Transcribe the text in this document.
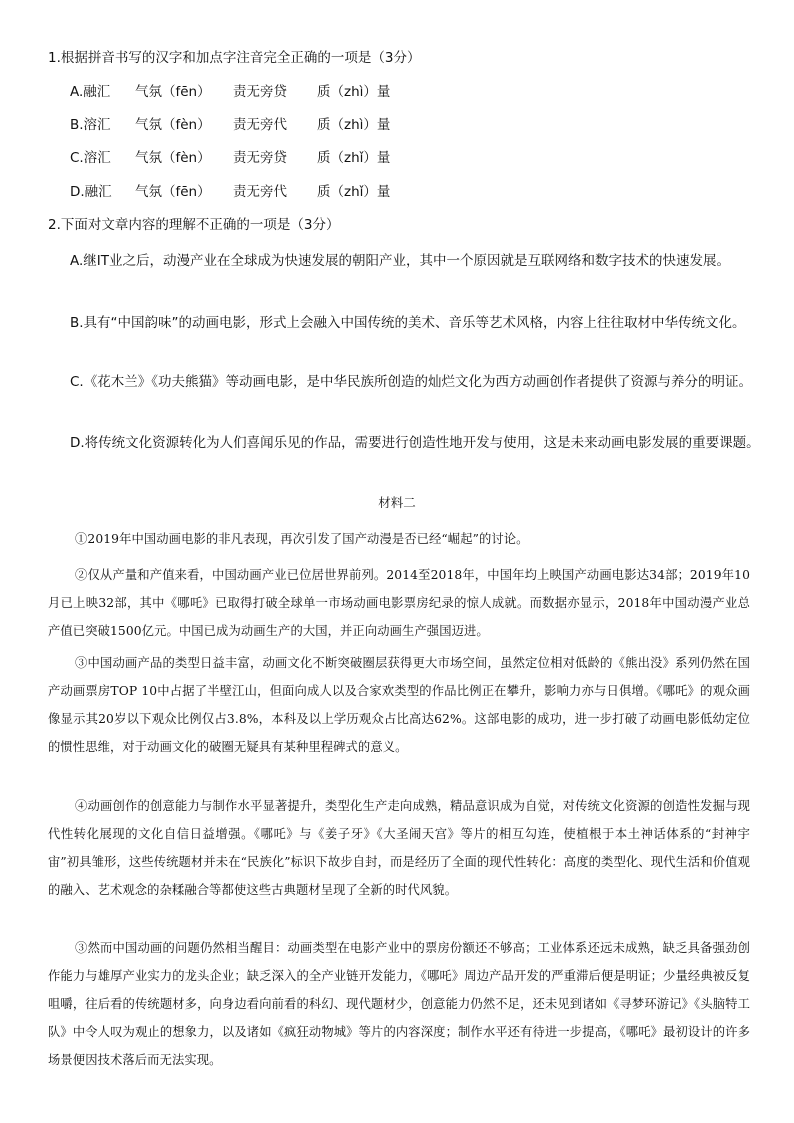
1.根据拼音书写的汉字和加点字注音完全正确的一项是（3分）
A.融汇 气氛（fēn） 责无旁贷 质（zhì）量
B.溶汇 气氛（fèn） 责无旁代 质（zhì）量
C.溶汇 气氛（fèn） 责无旁贷 质（zhǐ）量
D.融汇 气氛（fēn） 责无旁代 质（zhǐ）量
2.下面对文章内容的理解不正确的一项是（3分）
A.继IT业之后，动漫产业在全球成为快速发展的朝阳产业，其中一个原因就是互联网络和数字技术的快速发展。
B.具有“中国韵味”的动画电影，形式上会融入中国传统的美术、音乐等艺术风格，内容上往往取材中华传统文化。
C.《花木兰》《功夫熊猫》等动画电影，是中华民族所创造的灿烂文化为西方动画创作者提供了资源与养分的明证。
D.将传统文化资源转化为人们喜闻乐见的作品，需要进行创造性地开发与使用，这是未来动画电影发展的重要课题。
材料二

①2019年中国动画电影的非凡表现，再次引发了国产动漫是否已经“崛起”的讨论。

②仅从产量和产值来看，中国动画产业已位居世界前列。2014至2018年，中国年均上映国产动画电影达34部；2019年10月已上映32部，其中《哪吒》已取得打破全球单一市场动画电影票房纪录的惊人成就。而数据亦显示，2018年中国动漫产业总产值已突破1500亿元。中国已成为动画生产的大国，并正向动画生产强国迈进。

③中国动画产品的类型日益丰富，动画文化不断突破圈层获得更大市场空间，虽然定位相对低龄的《熊出没》系列仍然在国产动画票房TOP 10中占据了半壁江山，但面向成人以及合家欢类型的作品比例正在攀升，影响力亦与日俱增。《哪吒》的观众画像显示其20岁以下观众比例仅占3.8%，本科及以上学历观众占比高达62%。这部电影的成功，进一步打破了动画电影低幼定位的惯性思维，对于动画文化的破圈无疑具有某种里程碑式的意义。

④动画创作的创意能力与制作水平显著提升，类型化生产走向成熟，精品意识成为自觉，对传统文化资源的创造性发掘与现代性转化展现的文化自信日益增强。《哪吒》与《姜子牙》《大圣闹天宫》等片的相互勾连，使植根于本土神话体系的“封神宇宙”初具雏形，这些传统题材并未在“民族化”标识下故步自封，而是经历了全面的现代性转化：高度的类型化、现代生活和价值观的融入、艺术观念的杂糅融合等都使这些古典题材呈现了全新的时代风貌。

③然而中国动画的问题仍然相当醒目：动画类型在电影产业中的票房份额还不够高；工业体系还远未成熟，缺乏具备强劲创作能力与雄厚产业实力的龙头企业；缺乏深入的全产业链开发能力，《哪吒》周边产品开发的严重滞后便是明证；少量经典被反复咀嚼，往后看的传统题材多，向身边看向前看的科幻、现代题材少，创意能力仍然不足，还未见到诸如《寻梦环游记》《头脑特工队》中令人叹为观止的想象力，以及诸如《疯狂动物城》等片的内容深度；制作水平还有待进一步提高，《哪吒》最初设计的许多场景便因技术落后而无法实现。
